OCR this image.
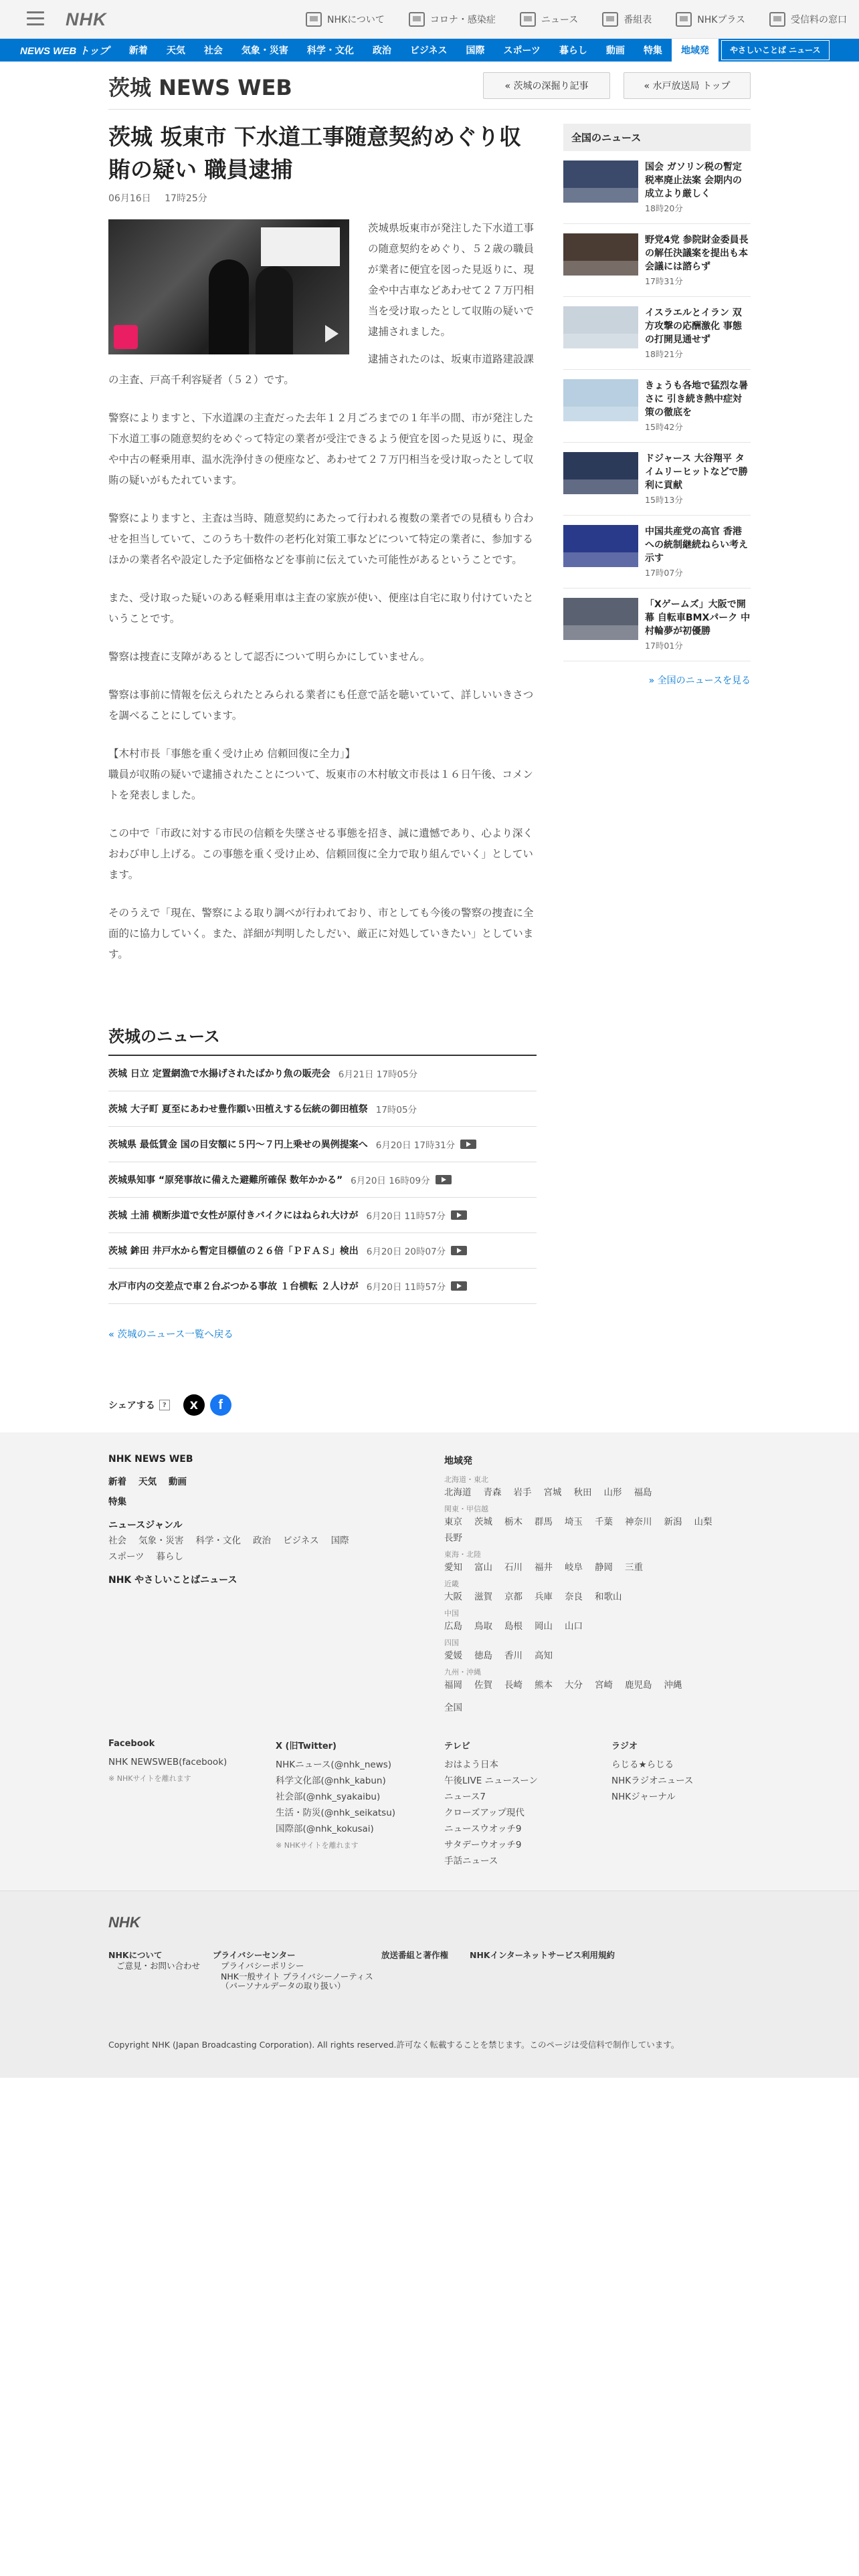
NHK	NHKについて	コロナ・感染症	ニュース	番組表	NHKプラス	受信料の窓口
NEWS WEB トップ	新着	天気	社会	気象・災害	科学・文化	政治	ビジネス	国際	スポーツ	暮らし	動画	特集	地域発	やさしいことば ニュース
茨城 NEWS WEB	« 茨城の深掘り記事	« 水戸放送局 トップ
茨城 坂東市 下水道工事随意契約めぐり収賄の疑い 職員逮捕
06月16日 17時25分

茨城県坂東市が発注した下水道工事の随意契約をめぐり、５２歳の職員が業者に便宜を図った見返りに、現金や中古車などあわせて２７万円相当を受け取ったとして収賄の疑いで逮捕されました。

逮捕されたのは、坂東市道路建設課の主査、戸高千利容疑者（５２）です。

警察によりますと、下水道課の主査だった去年１２月ごろまでの１年半の間、市が発注した下水道工事の随意契約をめぐって特定の業者が受注できるよう便宜を図った見返りに、現金や中古の軽乗用車、温水洗浄付きの便座など、あわせて２７万円相当を受け取ったとして収賄の疑いがもたれています。

警察によりますと、主査は当時、随意契約にあたって行われる複数の業者での見積もり合わせを担当していて、このうち十数件の老朽化対策工事などについて特定の業者に、参加するほかの業者名や設定した予定価格などを事前に伝えていた可能性があるということです。

また、受け取った疑いのある軽乗用車は主査の家族が使い、便座は自宅に取り付けていたということです。

警察は捜査に支障があるとして認否について明らかにしていません。

警察は事前に情報を伝えられたとみられる業者にも任意で話を聴いていて、詳しいいきさつを調べることにしています。

【木村市長「事態を重く受け止め 信頼回復に全力」】
職員が収賄の疑いで逮捕されたことについて、坂東市の木村敏文市長は１６日午後、コメントを発表しました。

この中で「市政に対する市民の信頼を失墜させる事態を招き、誠に遺憾であり、心より深くおわび申し上げる。この事態を重く受け止め、信頼回復に全力で取り組んでいく」としています。

そのうえで「現在、警察による取り調べが行われており、市としても今後の警察の捜査に全面的に協力していく。また、詳細が判明したしだい、厳正に対処していきたい」としています。

茨城のニュース
茨城 日立 定置網漁で水揚げされたばかり魚の販売会 6月21日 17時05分
茨城 大子町 夏至にあわせ豊作願い田植えする伝統の御田植祭 17時05分
茨城県 最低賃金 国の目安額に５円〜７円上乗せの異例提案へ 6月20日 17時31分
茨城県知事 “原発事故に備えた避難所確保 数年かかる” 6月20日 16時09分
茨城 土浦 横断歩道で女性が原付きバイクにはねられ大けが 6月20日 11時57分
茨城 鉾田 井戸水から暫定目標値の２６倍「ＰＦＡＳ」検出 6月20日 20時07分
水戸市内の交差点で車２台ぶつかる事故 １台横転 ２人けが 6月20日 11時57分
« 茨城のニュース一覧へ戻る
シェアする	?	X	f
全国のニュース
国会 ガソリン税の暫定税率廃止法案 会期内の成立より厳しく
18時20分
野党4党 参院財金委員長の解任決議案を提出も本会議には諮らず
17時31分
イスラエルとイラン 双方攻撃の応酬激化 事態の打開見通せず
18時21分
きょうも各地で猛烈な暑さに 引き続き熱中症対策の徹底を
15時42分
ドジャース 大谷翔平 タイムリーヒットなどで勝利に貢献
15時13分
中国共産党の高官 香港への統制継続ねらい考え示す
17時07分
「Xゲームズ」大阪で開幕 自転車BMXパーク 中村輪夢が初優勝
17時01分
» 全国のニュースを見る
NHK NEWS WEB
新着 天気 動画
特集
ニュースジャンル
社会 気象・災害 科学・文化 政治 ビジネス 国際
スポーツ 暮らし
NHK やさしいことばニュース
地域発
北海道・東北
北海道 青森 岩手 宮城 秋田 山形 福島
関東・甲信越
東京 茨城 栃木 群馬 埼玉 千葉 神奈川 新潟 山梨
長野
東海・北陸
愛知 富山 石川 福井 岐阜 静岡 三重
近畿
大阪 滋賀 京都 兵庫 奈良 和歌山
中国
広島 鳥取 島根 岡山 山口
四国
愛媛 徳島 香川 高知
九州・沖縄
福岡 佐賀 長崎 熊本 大分 宮崎 鹿児島 沖縄
全国
Facebook
NHK NEWSWEB(facebook)
※ NHKサイトを離れます
X (旧Twitter)
NHKニュース(@nhk_news)
科学文化部(@nhk_kabun)
社会部(@nhk_syakaibu)
生活・防災(@nhk_seikatsu)
国際部(@nhk_kokusai)
※ NHKサイトを離れます
テレビ
おはよう日本
午後LIVE ニュースーン
ニュース7
クローズアップ現代
ニュースウオッチ9
サタデーウオッチ9
手話ニュース
ラジオ
らじる★らじる
NHKラジオニュース
NHKジャーナル
NHK
NHKについて
ご意見・お問い合わせ
プライバシーセンター
プライバシーポリシー
NHK一般サイト プライバシーノーティス
（パーソナルデータの取り扱い）
放送番組と著作権	NHKインターネットサービス利用規約
Copyright NHK (Japan Broadcasting Corporation). All rights reserved.許可なく転載することを禁じます。このページは受信料で制作しています。
